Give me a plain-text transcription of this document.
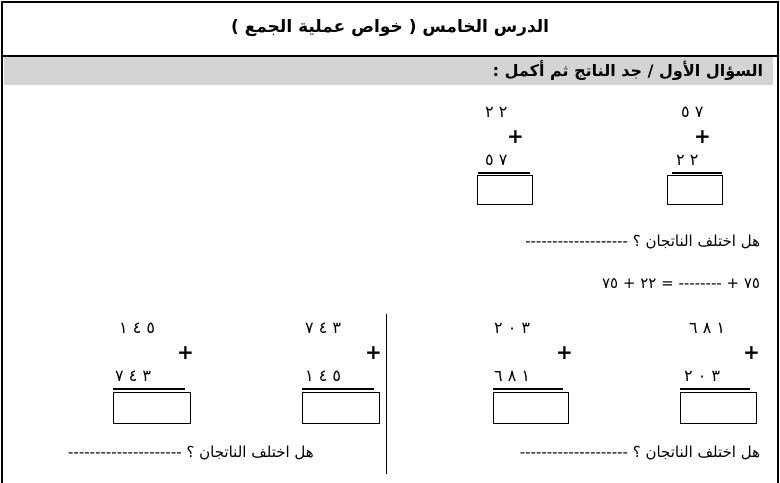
الدرس الخامس ( خواص عملية الجمع )
السؤال الأول / جد الناتج ثم أكمل :
٧ ٥
+
٢ ٢
٢ ٢
+
٧ ٥
هل اختلف الناتجان ؟ -------------------
٧٥ + -------- = ٢٢ + ٧٥
١ ٨ ٦
+
٣ ٠ ٢
٣ ٠ ٢
+
١ ٨ ٦
٣ ٤ ٧
+
٥ ٤ ١
٥ ٤ ١
+
٣ ٤ ٧
هل اختلف الناتجان ؟ --------------------
هل اختلف الناتجان ؟ ---------------------
